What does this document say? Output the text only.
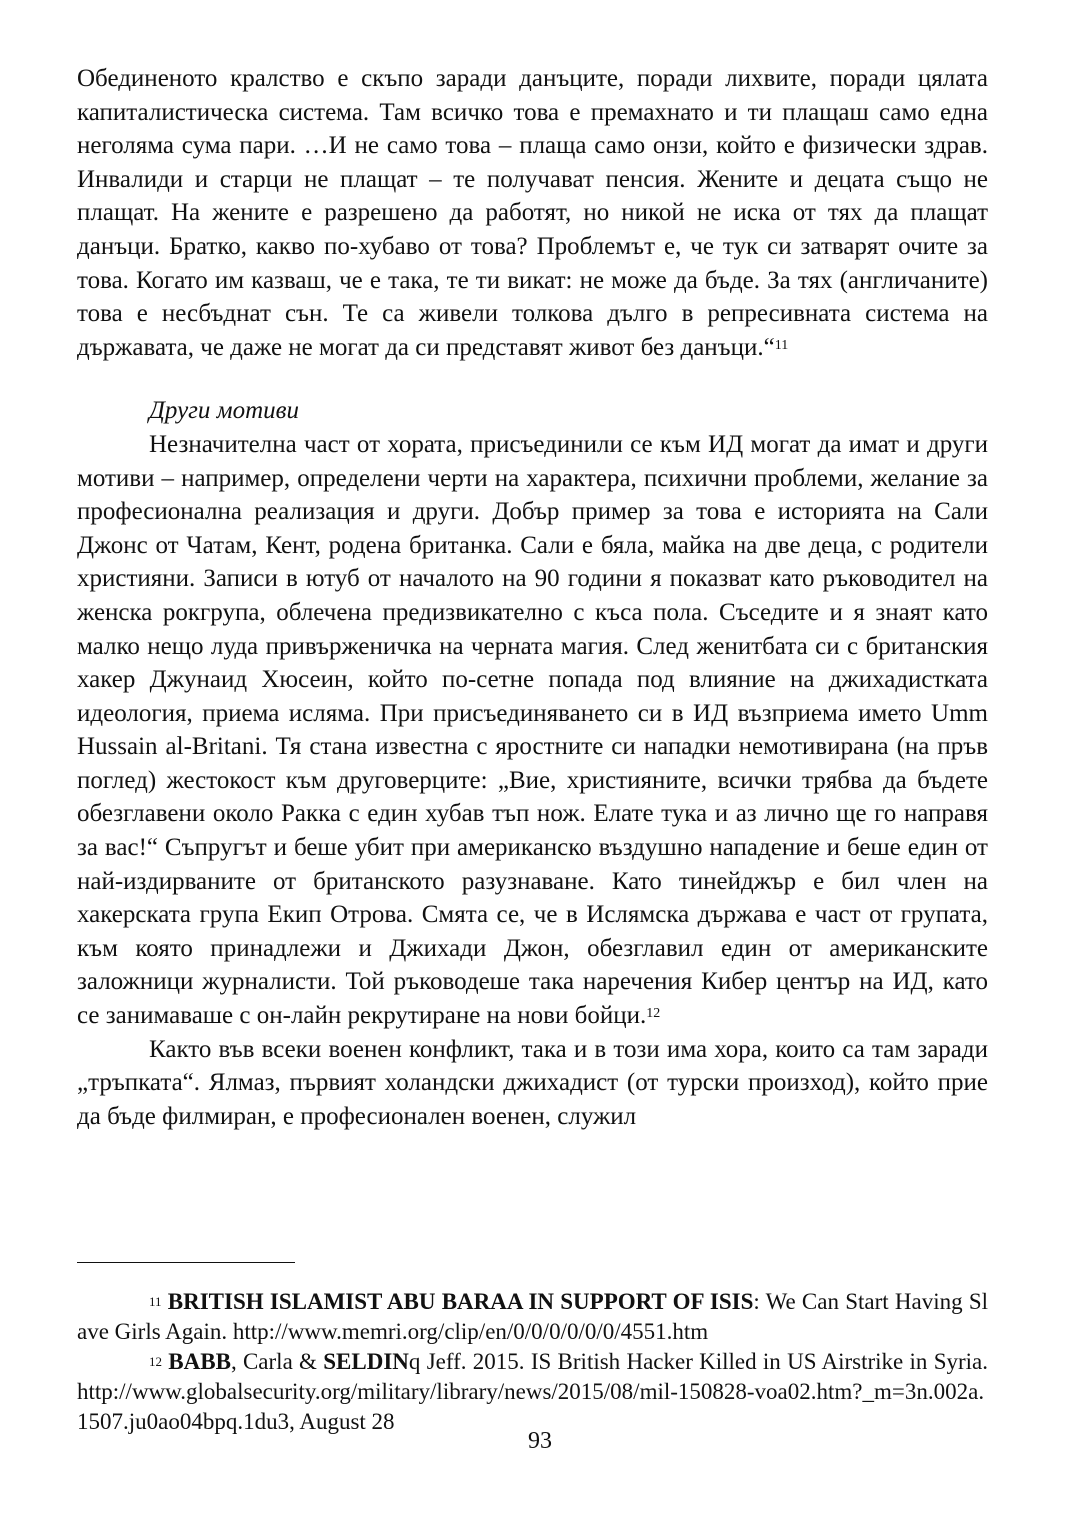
Обединеното кралство е скъпо заради данъците, поради лихвите, поради цялата капиталистическа система. Там всичко това е премахнато и ти плащаш само една неголяма сума пари. …И не само това – плаща само онзи, който е физически здрав. Инвалиди и старци не плащат – те получават пенсия. Жените и децата също не плащат. На жените е разрешено да работят, но никой не иска от тях да плащат данъци. Братко, какво по-хубаво от това? Проблемът е, че тук си затварят очите за това. Когато им казваш, че е така, те ти викат: не може да бъде. За тях (англичаните) това е несбъднат сън. Те са живели толкова дълго в репресивната система на държавата, че даже не могат да си представят живот без данъци.“$^{11}$

Други мотиви

Незначителна част от хората, присъединили се към ИД могат да имат и други мотиви – например, определени черти на характера, психични проблеми, желание за професионална реализация и други. Добър пример за това е историята на Сали Джонс от Чатам, Кент, родена британка. Сали е бяла, майка на две деца, с родители християни. Записи в ютуб от началото на 90 години я показват като ръководител на женска рокгрупа, облечена предизвикателно с къса пола. Съседите и я знаят като малко нещо луда привърженичка на черната магия. След женитбата си с британския хакер Джунаид Хюсеин, който по-сетне попада под влияние на джихадистката идеология, приема исляма. При присъединяването си в ИД възприема името Umm Hussain al-Britani. Тя стана известна с яростните си нападки немотивирана (на пръв поглед) жестокост към друговерците: „Вие, християните, всички трябва да бъдете обезглавени около Ракка с един хубав тъп нож. Елате тука и аз лично ще го направя за вас!“ Съпругът и беше убит при американско въздушно нападение и беше един от най-издирваните от британското разузнаване. Като тинейджър е бил член на хакерската група Екип Отрова. Смята се, че в Ислямска държава е част от групата, към която принадлежи и Джихади Джон, обезглавил един от американските заложници журналисти. Той ръководеше така наречения Кибер център на ИД, като се занимаваше с он-лайн рекрутиране на нови бойци.$^{12}$

Както във всеки военен конфликт, така и в този има хора, които са там заради „тръпката“. Ялмаз, първият холандски джихадист (от турски произход), който прие да бъде филмиран, е професионален военен, служил

$^{11}$ BRITISH ISLAMIST ABU BARAA IN SUPPORT OF ISIS: We Can Start Having Slave Girls Again. http://www.memri.org/clip/en/0/0/0/0/0/0/4551.htm

$^{12}$ BABB, Carla & SELDINq Jeff. 2015. IS British Hacker Killed in US Airstrike in Syria. http://www.globalsecurity.org/military/library/news/2015/08/mil-150828-voa02.htm?_m=3n.002a.1507.ju0ao04bpq.1du3, August 28

93
